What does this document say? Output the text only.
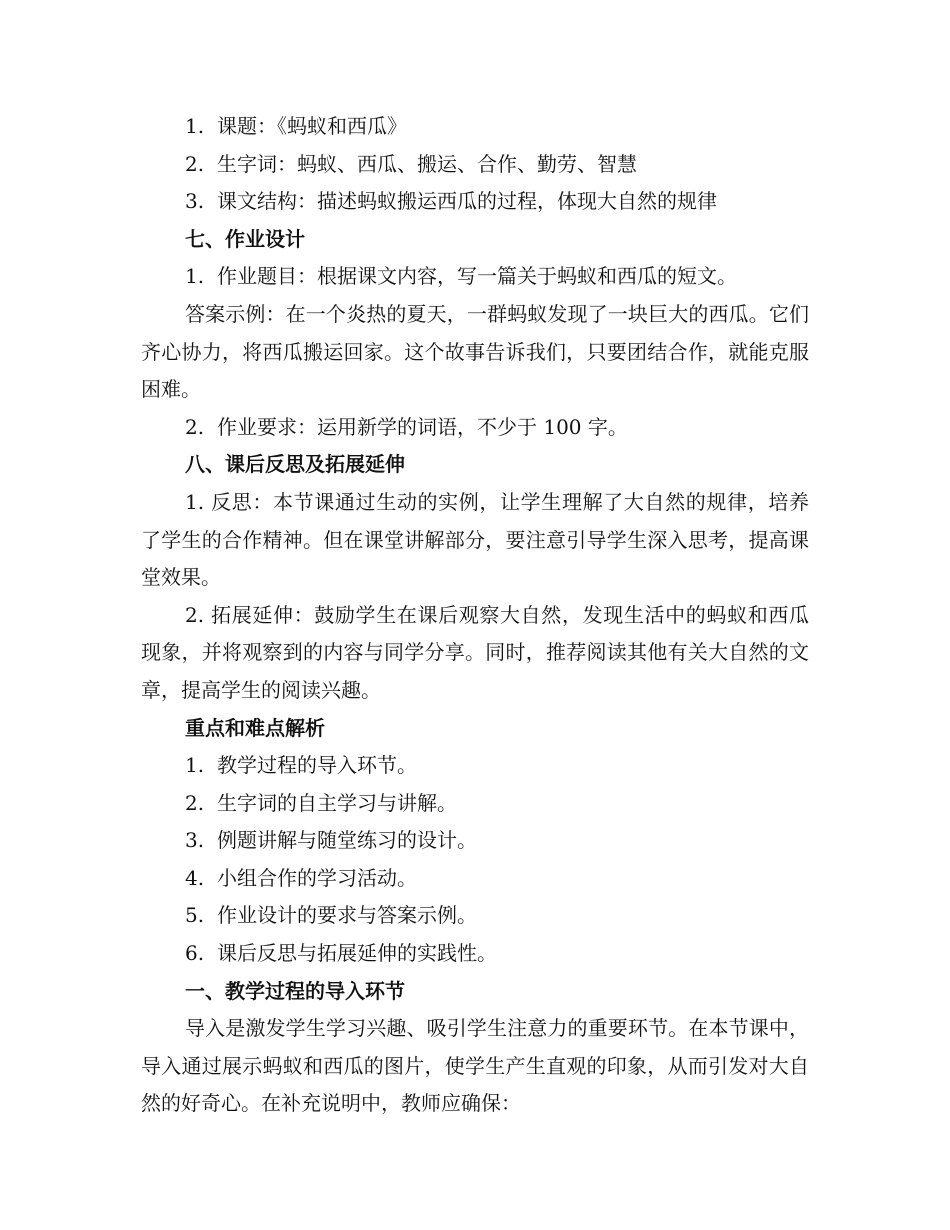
1. 课题：《蚂蚁和西瓜》
2. 生字词：蚂蚁、西瓜、搬运、合作、勤劳、智慧
3. 课文结构：描述蚂蚁搬运西瓜的过程，体现大自然的规律
七、作业设计
1. 作业题目：根据课文内容，写一篇关于蚂蚁和西瓜的短文。

答案示例：在一个炎热的夏天，一群蚂蚁发现了一块巨大的西瓜。它们齐心协力，将西瓜搬运回家。这个故事告诉我们，只要团结合作，就能克服困难。

2. 作业要求：运用新学的词语，不少于 100 字。
八、课后反思及拓展延伸

1. 反思：本节课通过生动的实例，让学生理解了大自然的规律，培养了学生的合作精神。但在课堂讲解部分，要注意引导学生深入思考，提高课堂效果。

2. 拓展延伸：鼓励学生在课后观察大自然，发现生活中的蚂蚁和西瓜现象，并将观察到的内容与同学分享。同时，推荐阅读其他有关大自然的文章，提高学生的阅读兴趣。

重点和难点解析
1. 教学过程的导入环节。
2. 生字词的自主学习与讲解。
3. 例题讲解与随堂练习的设计。
4. 小组合作的学习活动。
5. 作业设计的要求与答案示例。
6. 课后反思与拓展延伸的实践性。
一、教学过程的导入环节

导入是激发学生学习兴趣、吸引学生注意力的重要环节。在本节课中，导入通过展示蚂蚁和西瓜的图片，使学生产生直观的印象，从而引发对大自然的好奇心。在补充说明中，教师应确保：
